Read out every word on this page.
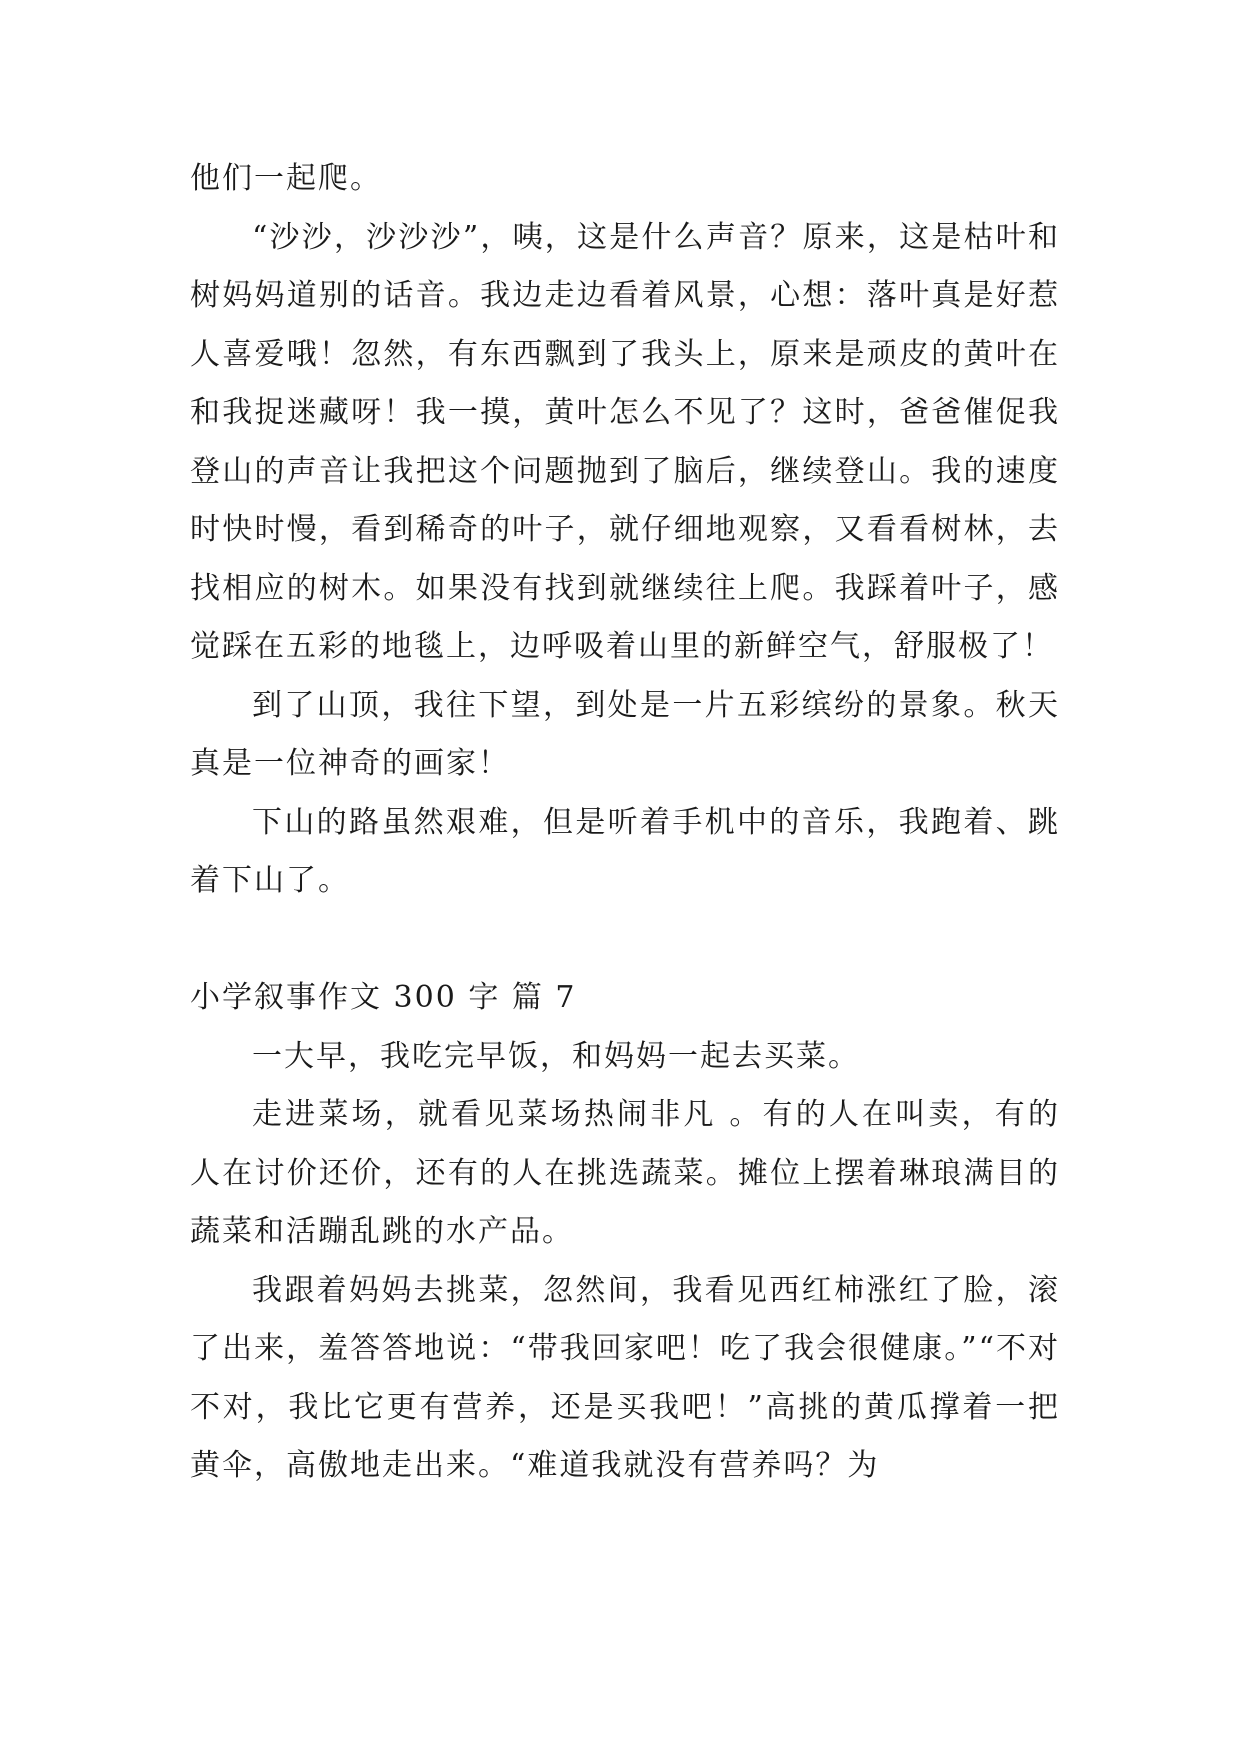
他们一起爬。

“沙沙，沙沙沙”，咦，这是什么声音？原来，这是枯叶和树妈妈道别的话音。我边走边看着风景，心想：落叶真是好惹人喜爱哦！忽然，有东西飘到了我头上，原来是顽皮的黄叶在和我捉迷藏呀！我一摸，黄叶怎么不见了？这时，爸爸催促我登山的声音让我把这个问题抛到了脑后，继续登山。我的速度时快时慢，看到稀奇的叶子，就仔细地观察，又看看树林，去找相应的树木。如果没有找到就继续往上爬。我踩着叶子，感觉踩在五彩的地毯上，边呼吸着山里的新鲜空气，舒服极了！

到了山顶，我往下望，到处是一片五彩缤纷的景象。秋天真是一位神奇的画家！

下山的路虽然艰难，但是听着手机中的音乐，我跑着、跳着下山了。

小学叙事作文 300 字 篇 7

一大早，我吃完早饭，和妈妈一起去买菜。

走进菜场，就看见菜场热闹非凡 。有的人在叫卖，有的人在讨价还价，还有的人在挑选蔬菜。摊位上摆着琳琅满目的蔬菜和活蹦乱跳的水产品。

我跟着妈妈去挑菜，忽然间，我看见西红柿涨红了脸，滚了出来，羞答答地说：“带我回家吧！吃了我会很健康。”“不对不对，我比它更有营养，还是买我吧！”高挑的黄瓜撑着一把黄伞，高傲地走出来。“难道我就没有营养吗？为
